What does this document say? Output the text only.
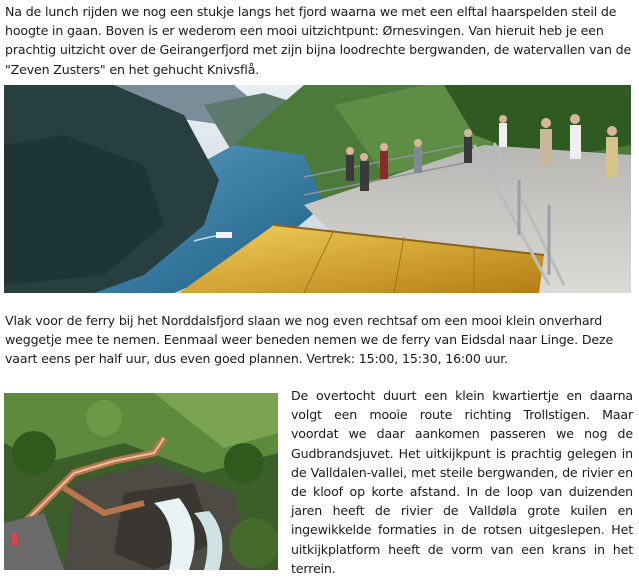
Na de lunch rijden we nog een stukje langs het fjord waarna we met een elftal haarspelden steil de hoogte in gaan. Boven is er wederom een mooi uitzichtpunt: Ørnesvingen. Van hieruit heb je een prachtig uitzicht over de Geirangerfjord met zijn bijna loodrechte bergwanden, de watervallen van de "Zeven Zusters" en het gehucht Knivsflå.

Vlak voor de ferry bij het Norddalsfjord slaan we nog even rechtsaf om een mooi klein onverhard weggetje mee te nemen. Eenmaal weer beneden nemen we de ferry van Eidsdal naar Linge. Deze vaart eens per half uur, dus even goed plannen. Vertrek: 15:00, 15:30, 16:00 uur.

De overtocht duurt een klein kwartiertje en daarna volgt een mooie route richting Trollstigen. Maar voordat we daar aankomen passeren we nog de Gudbrandsjuvet. Het uitkijkpunt is prachtig gelegen in de Valldalen-vallei, met steile bergwanden, de rivier en de kloof op korte afstand. In de loop van duizenden jaren heeft de rivier de Valldøla grote kuilen en ingewikkelde formaties in de rotsen uitgeslepen. Het uitkijkplatform heeft de vorm van een krans in het terrein.
